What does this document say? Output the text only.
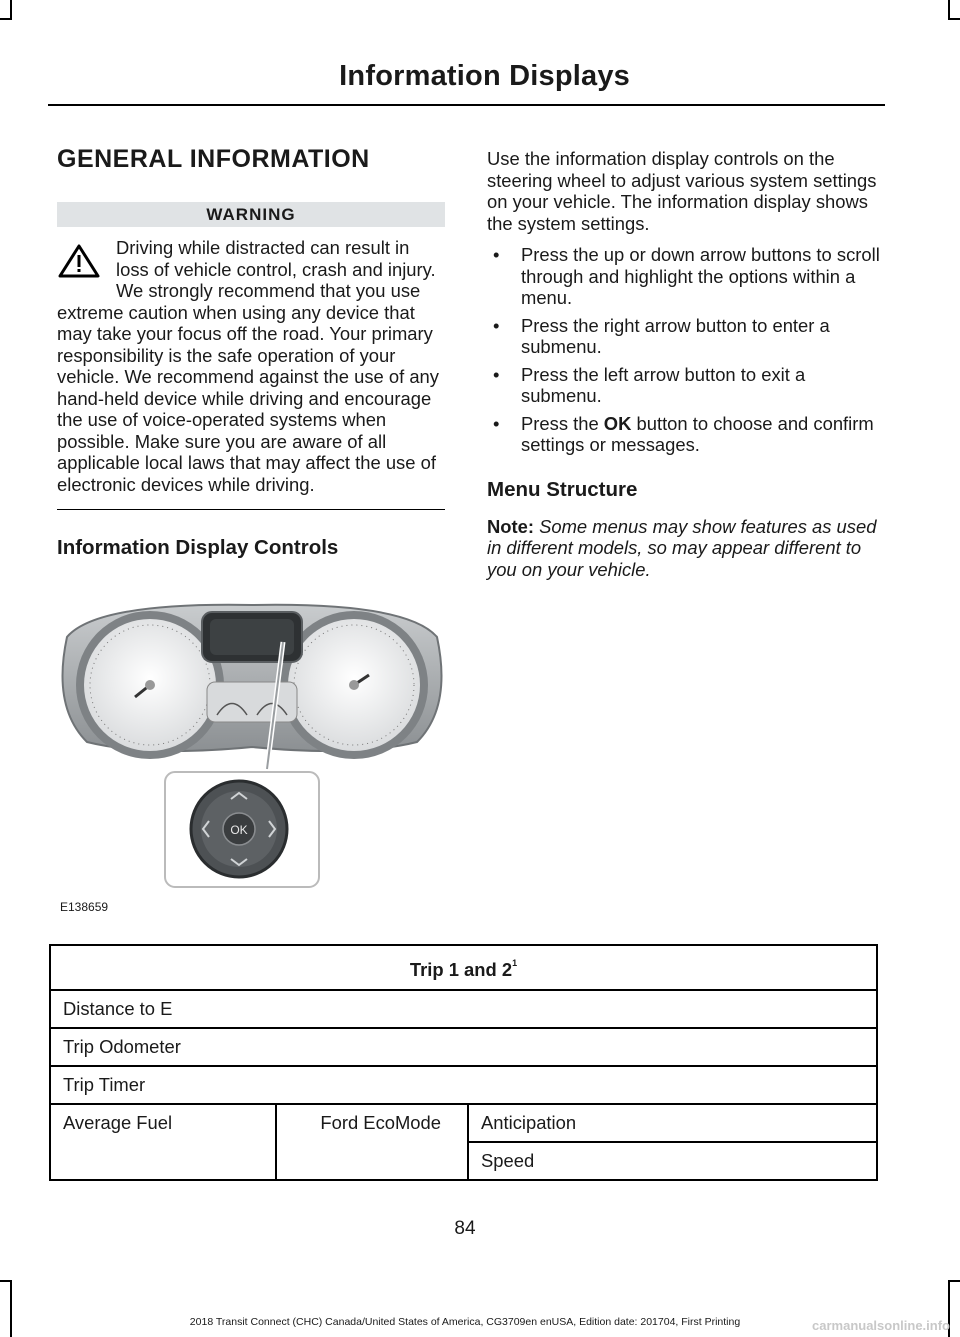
Information Displays
GENERAL INFORMATION
WARNING
Driving while distracted can result in loss of vehicle control, crash and injury. We strongly recommend that you use extreme caution when using any device that may take your focus off the road. Your primary responsibility is the safe operation of your vehicle. We recommend against the use of any hand-held device while driving and encourage the use of voice-operated systems when possible. Make sure you are aware of all applicable local laws that may affect the use of electronic devices while driving.
Information Display Controls
OK
E138659

Use the information display controls on the steering wheel to adjust various system settings on your vehicle. The information display shows the system settings.

• Press the up or down arrow buttons to scroll through and highlight the options within a menu.
• Press the right arrow button to enter a submenu.
• Press the left arrow button to exit a submenu.
• Press the OK button to choose and confirm settings or messages.
Menu Structure

Note: Some menus may show features as used in different models, so may appear different to you on your vehicle.

Trip 1 and $2^1$
Distance to E
Trip Odometer
Trip Timer
Average Fuel	Ford EcoMode	Anticipation
Speed
84
2018 Transit Connect (CHC) Canada/United States of America, CG3709en enUSA, Edition date: 201704, First Printing	carmanualsonline.info
